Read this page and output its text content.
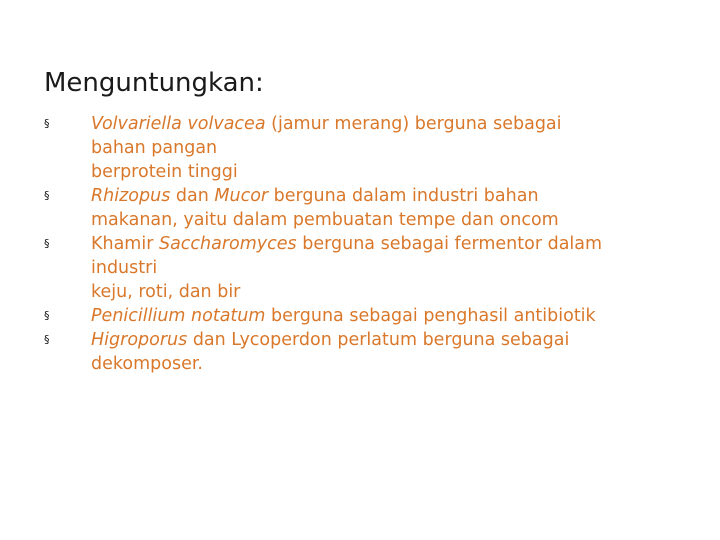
Menguntungkan:
§	Volvariella volvacea (jamur merang) berguna sebagai
bahan pangan
berprotein tinggi
§	Rhizopus dan Mucor berguna dalam industri bahan
makanan, yaitu dalam pembuatan tempe dan oncom
§	Khamir Saccharomyces berguna sebagai fermentor dalam
industri
keju, roti, dan bir
§	Penicillium notatum berguna sebagai penghasil antibiotik
§	Higroporus dan Lycoperdon perlatum berguna sebagai
dekomposer.
